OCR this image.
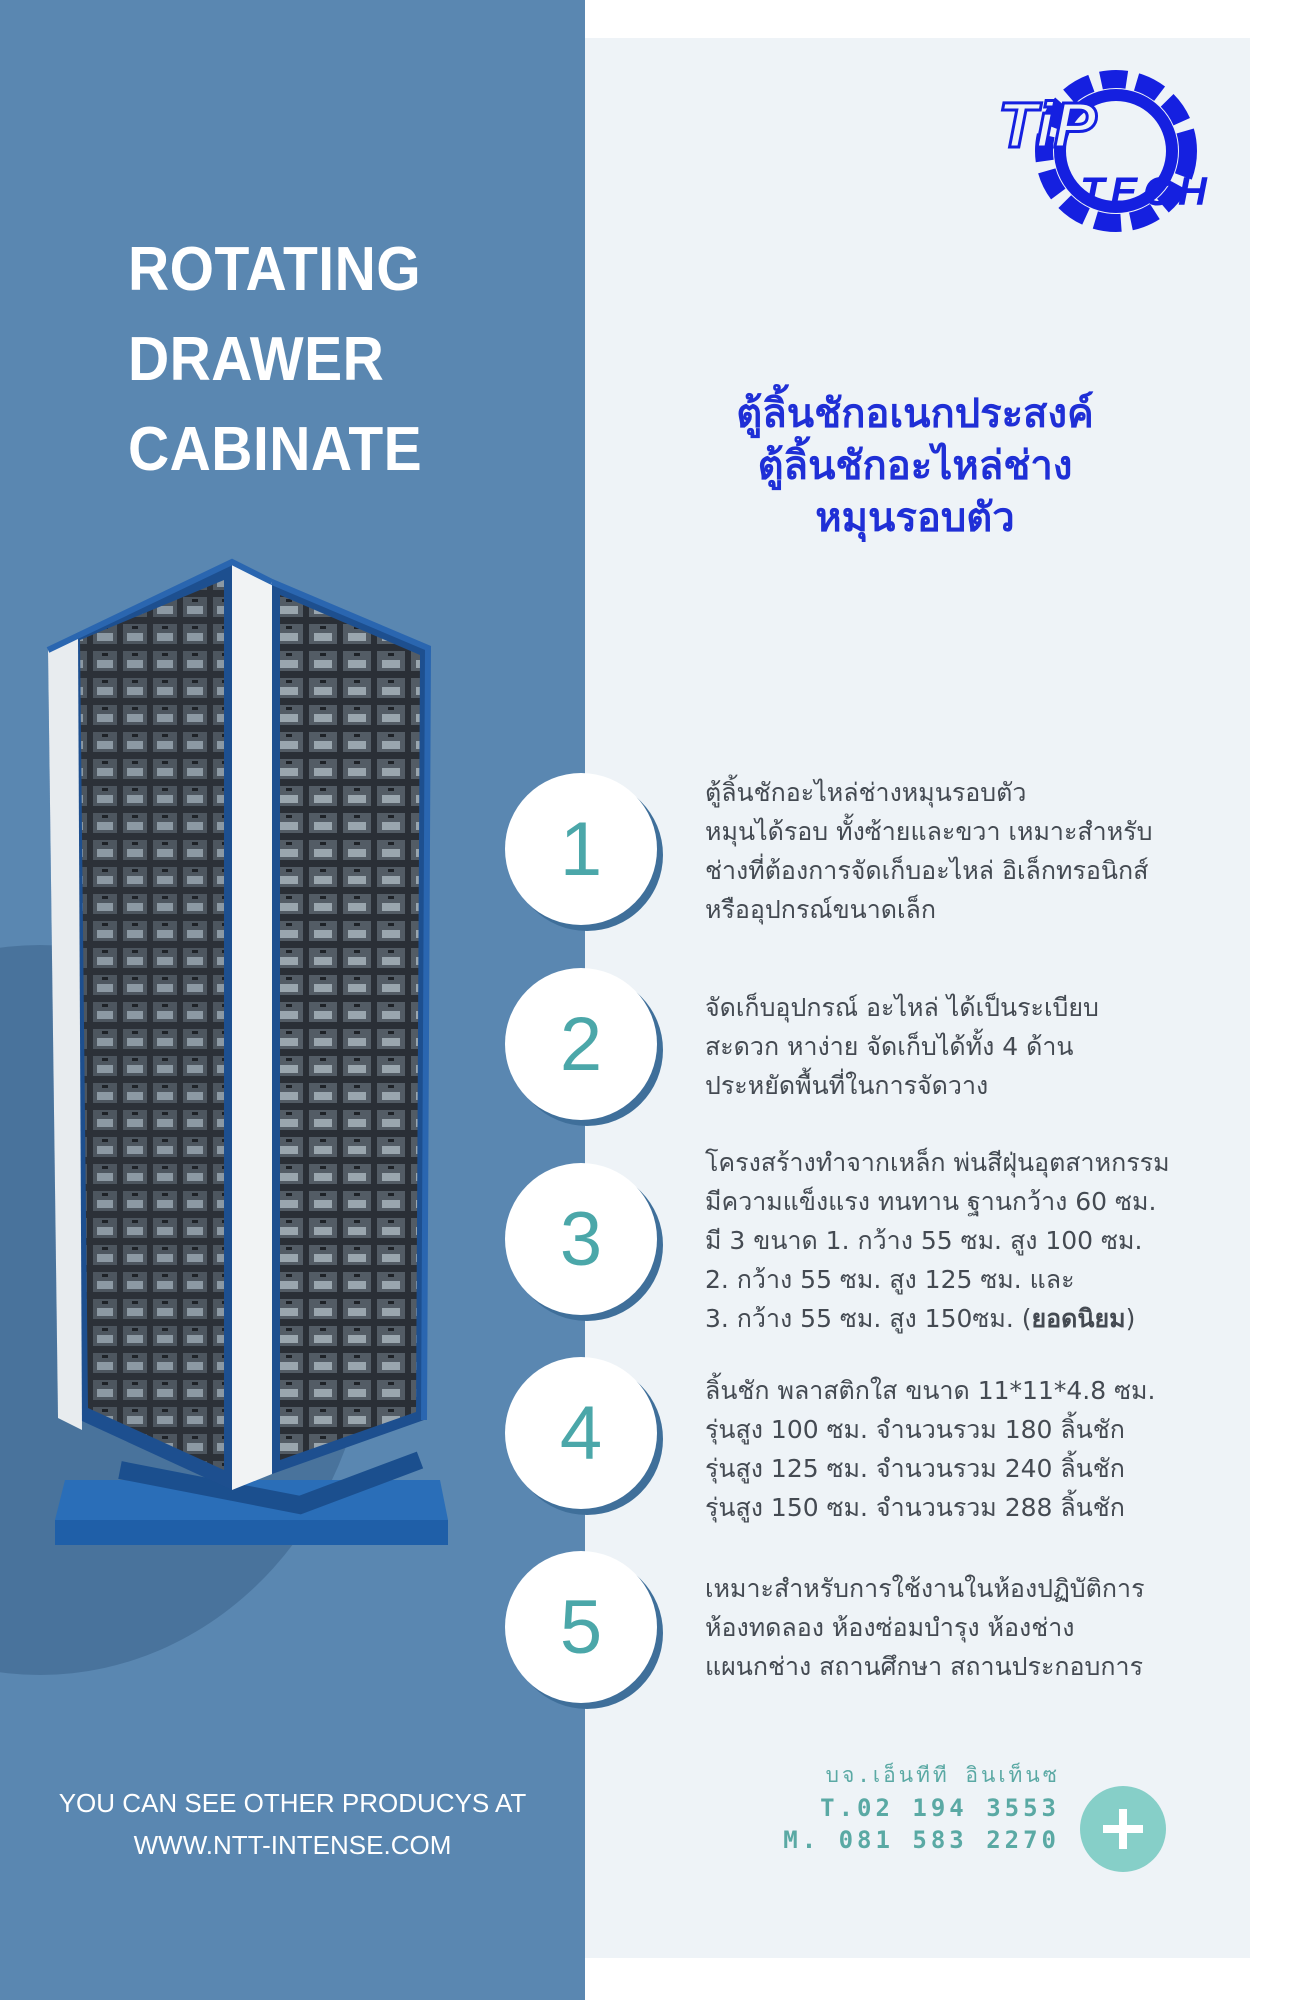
ROTATING
DRAWER
CABINATE
YOU CAN SEE OTHER PRODUCYS AT
WWW.NTT-INTENSE.COM
TiP
TECH
ตู้ลิ้นชักอเนกประสงค์
ตู้ลิ้นชักอะไหล่ช่าง
หมุนรอบตัว
1
ตู้ลิ้นชักอะไหล่ช่างหมุนรอบตัว
หมุนได้รอบ ทั้งซ้ายและขวา เหมาะสำหรับ
ช่างที่ต้องการจัดเก็บอะไหล่ อิเล็กทรอนิกส์
หรืออุปกรณ์ขนาดเล็ก
2	จัดเก็บอุปกรณ์ อะไหล่ ได้เป็นระเบียบ
สะดวก หาง่าย จัดเก็บได้ทั้ง 4 ด้าน
ประหยัดพื้นที่ในการจัดวาง
3
โครงสร้างทำจากเหล็ก พ่นสีฝุ่นอุตสาหกรรม
มีความแข็งแรง ทนทาน ฐานกว้าง 60 ซม.
มี 3 ขนาด 1. กว้าง 55 ซม. สูง 100 ซม.
2. กว้าง 55 ซม. สูง 125 ซม. และ
3. กว้าง 55 ซม. สูง 150ซม. (ยอดนิยม)
4	ลิ้นชัก พลาสติกใส ขนาด 11*11*4.8 ซม.
รุ่นสูง 100 ซม. จำนวนรวม 180 ลิ้นชัก
รุ่นสูง 125 ซม. จำนวนรวม 240 ลิ้นชัก
รุ่นสูง 150 ซม. จำนวนรวม 288 ลิ้นชัก
5	เหมาะสำหรับการใช้งานในห้องปฏิบัติการ
ห้องทดลอง ห้องซ่อมบำรุง ห้องช่าง
แผนกช่าง สถานศึกษา สถานประกอบการ
บจ.เอ็นทีที อินเท็นซ
T.02 194 3553
M. 081 583 2270
